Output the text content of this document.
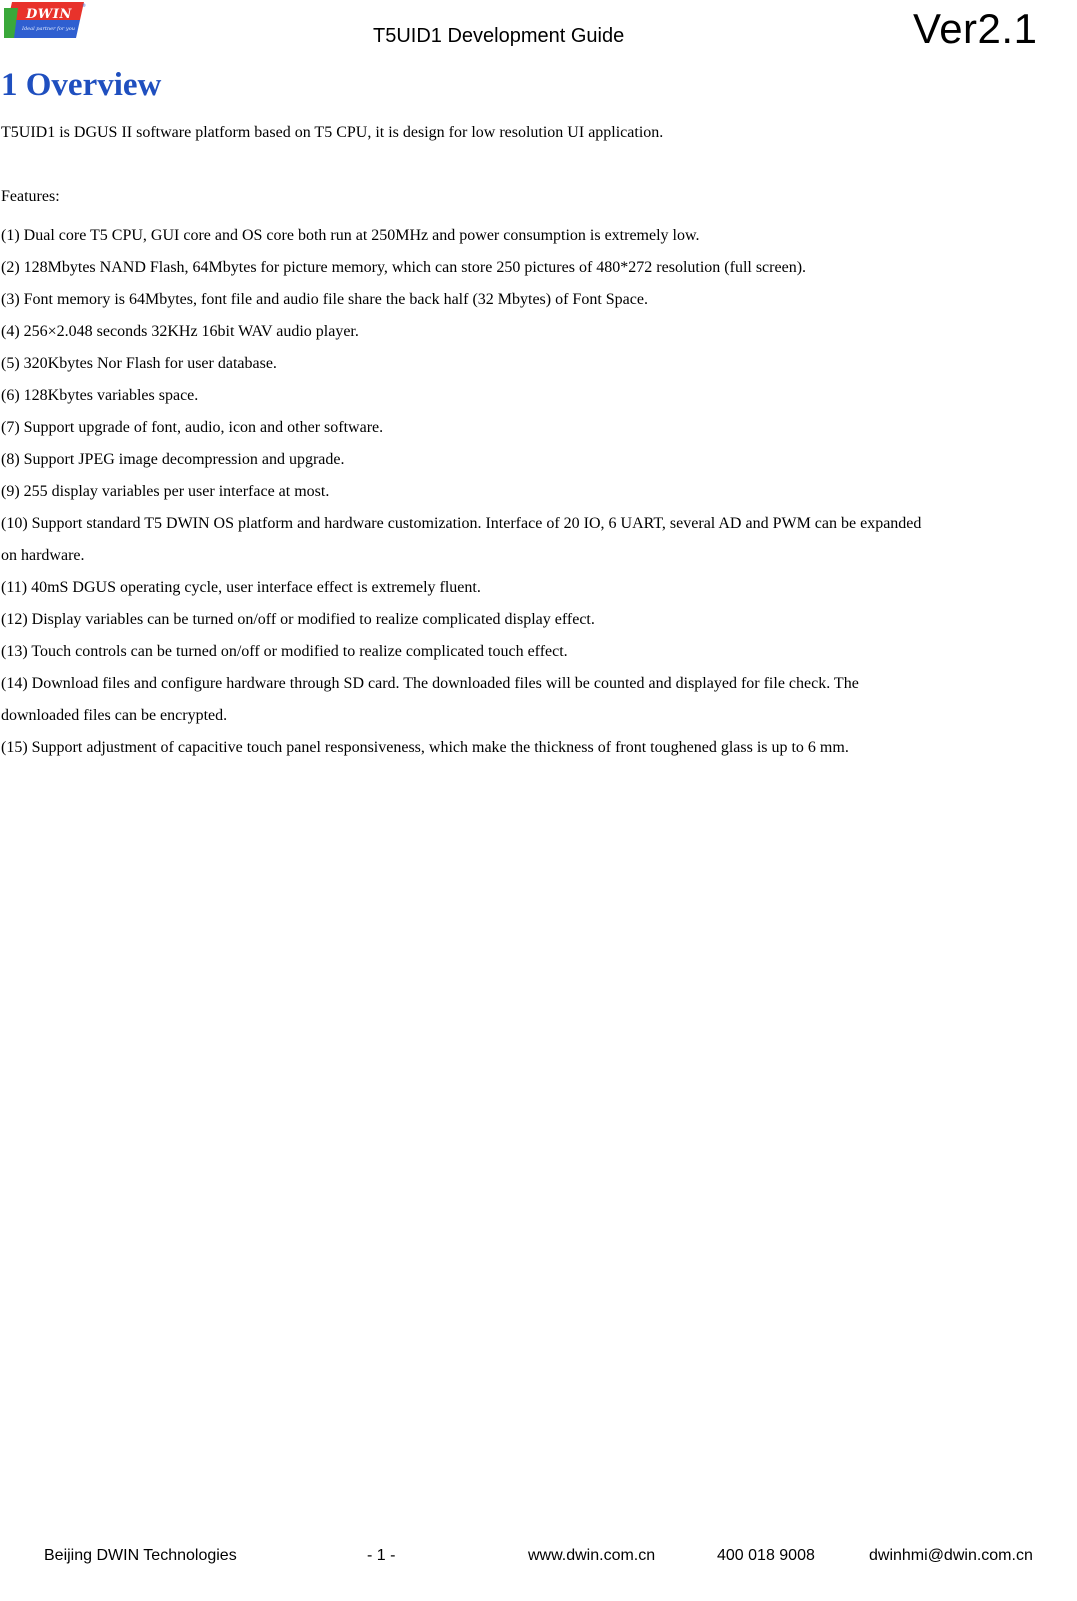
®
DWIN
Ideal partner for you	T5UID1 Development Guide	Ver2.1
1 Overview
T5UID1 is DGUS II software platform based on T5 CPU, it is design for low resolution UI application.
Features:
(1) Dual core T5 CPU, GUI core and OS core both run at 250MHz and power consumption is extremely low.
(2) 128Mbytes NAND Flash, 64Mbytes for picture memory, which can store 250 pictures of 480*272 resolution (full screen).
(3) Font memory is 64Mbytes, font file and audio file share the back half (32 Mbytes) of Font Space.
(4) 256×2.048 seconds 32KHz 16bit WAV audio player.
(5) 320Kbytes Nor Flash for user database.
(6) 128Kbytes variables space.
(7) Support upgrade of font, audio, icon and other software.
(8) Support JPEG image decompression and upgrade.
(9) 255 display variables per user interface at most.
(10) Support standard T5 DWIN OS platform and hardware customization. Interface of 20 IO, 6 UART, several AD and PWM can be expanded
on hardware.
(11) 40mS DGUS operating cycle, user interface effect is extremely fluent.
(12) Display variables can be turned on/off or modified to realize complicated display effect.
(13) Touch controls can be turned on/off or modified to realize complicated touch effect.
(14) Download files and configure hardware through SD card. The downloaded files will be counted and displayed for file check. The
downloaded files can be encrypted.
(15) Support adjustment of capacitive touch panel responsiveness, which make the thickness of front toughened glass is up to 6 mm.
Beijing DWIN Technologies	- 1 -	www.dwin.com.cn	400 018 9008	dwinhmi@dwin.com.cn
